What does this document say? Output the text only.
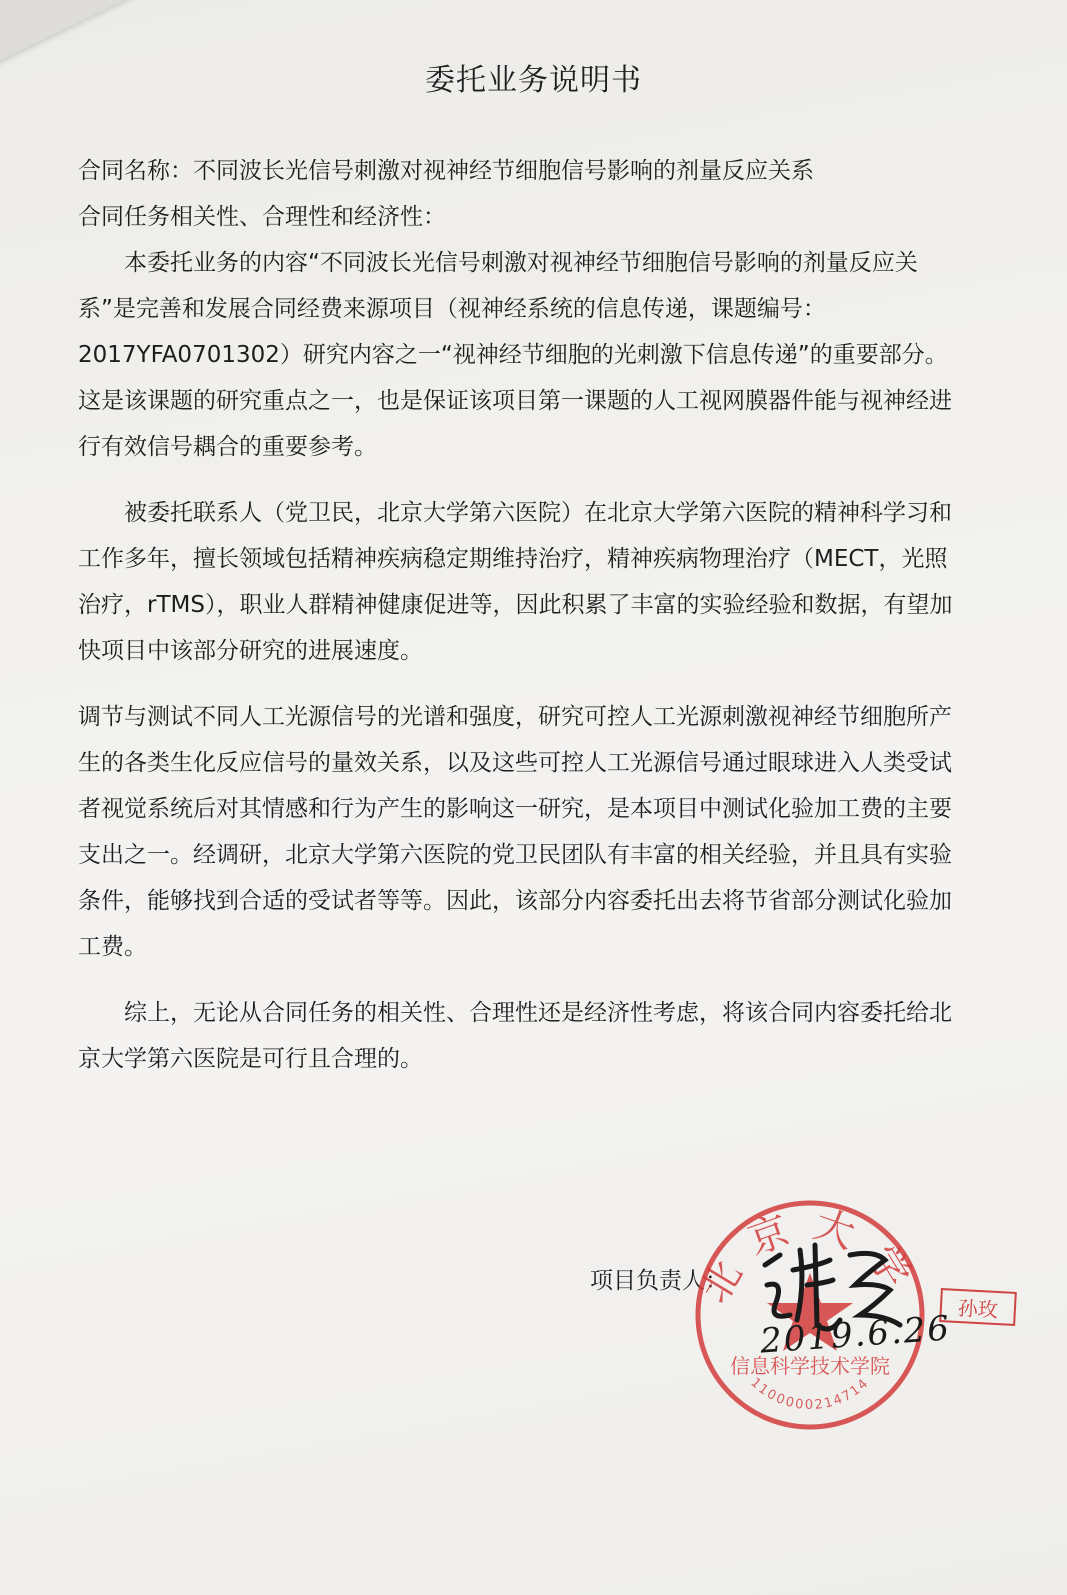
委托业务说明书

合同名称：不同波长光信号刺激对视神经节细胞信号影响的剂量反应关系

合同任务相关性、合理性和经济性：

本委托业务的内容“不同波长光信号刺激对视神经节细胞信号影响的剂量反应关系”是完善和发展合同经费来源项目（视神经系统的信息传递，课题编号：2017YFA0701302）研究内容之一“视神经节细胞的光刺激下信息传递”的重要部分。这是该课题的研究重点之一，也是保证该项目第一课题的人工视网膜器件能与视神经进行有效信号耦合的重要参考。

被委托联系人（党卫民，北京大学第六医院）在北京大学第六医院的精神科学习和工作多年，擅长领域包括精神疾病稳定期维持治疗，精神疾病物理治疗（MECT，光照治疗，rTMS），职业人群精神健康促进等，因此积累了丰富的实验经验和数据，有望加快项目中该部分研究的进展速度。

调节与测试不同人工光源信号的光谱和强度，研究可控人工光源刺激视神经节细胞所产生的各类生化反应信号的量效关系，以及这些可控人工光源信号通过眼球进入人类受试者视觉系统后对其情感和行为产生的影响这一研究，是本项目中测试化验加工费的主要支出之一。经调研，北京大学第六医院的党卫民团队有丰富的相关经验，并且具有实验条件，能够找到合适的受试者等等。因此，该部分内容委托出去将节省部分测试化验加工费。

综上，无论从合同任务的相关性、合理性还是经济性考虑，将该合同内容委托给北京大学第六医院是可行且合理的。

项目负责人：
北京大学
信息科学技术学院
1100000214714
孙玫
2019.6.26
